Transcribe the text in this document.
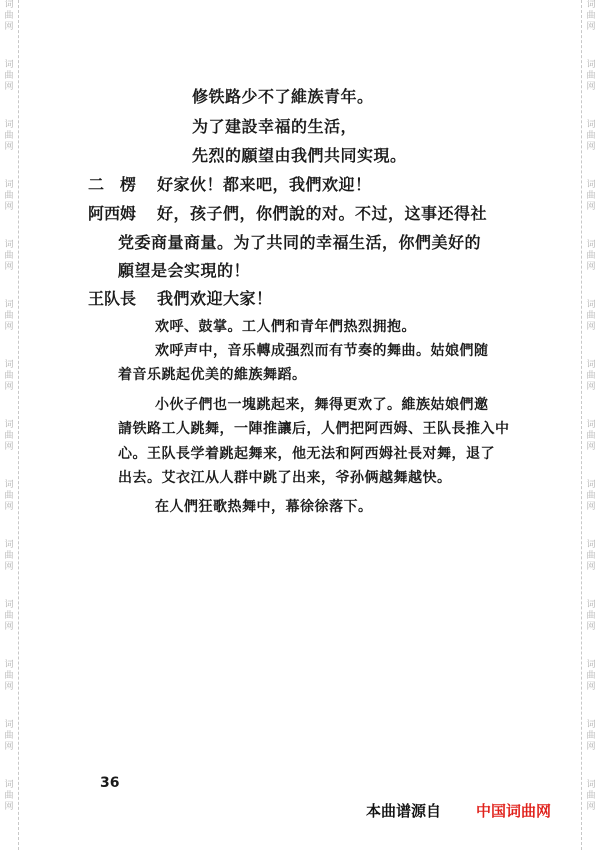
词
曲
网
词
曲
网
词
曲
网
词
曲
网
词
曲
网
词
曲
网
词
曲
网
词
曲
网
词
曲
网
词
曲
网
词
曲
网
词
曲
网
词
曲
网
词
曲
网
词
曲
网
词
曲
网
词
曲
网
词
曲
网
词
曲
网
词
曲
网
词
曲
网
词
曲
网
词
曲
网
词
曲
网
词
曲
网
词
曲
网
词
曲
网
词
曲
网
修铁路少不了維族青年。
为了建設幸福的生活，
先烈的願望由我們共同实現。
二　楞 好家伙！都来吧，我們欢迎！
阿西姆 好，孩子們，你們說的对。不过，这事还得社
党委商量商量。为了共同的幸福生活，你們美好的
願望是会实現的！
王队長 我們欢迎大家！
欢呼、鼓掌。工人們和青年們热烈拥抱。
欢呼声中，音乐轉成强烈而有节奏的舞曲。姑娘們随
着音乐跳起优美的維族舞蹈。
小伙子們也一塊跳起来，舞得更欢了。維族姑娘們邀
請铁路工人跳舞，一陣推讓后，人們把阿西姆、王队長推入中
心。王队長学着跳起舞来，他无法和阿西姆社長对舞，退了
出去。艾衣江从人群中跳了出来，爷孙俩越舞越快。
在人們狂歌热舞中，幕徐徐落下。
36
本曲谱源自 中国词曲网
